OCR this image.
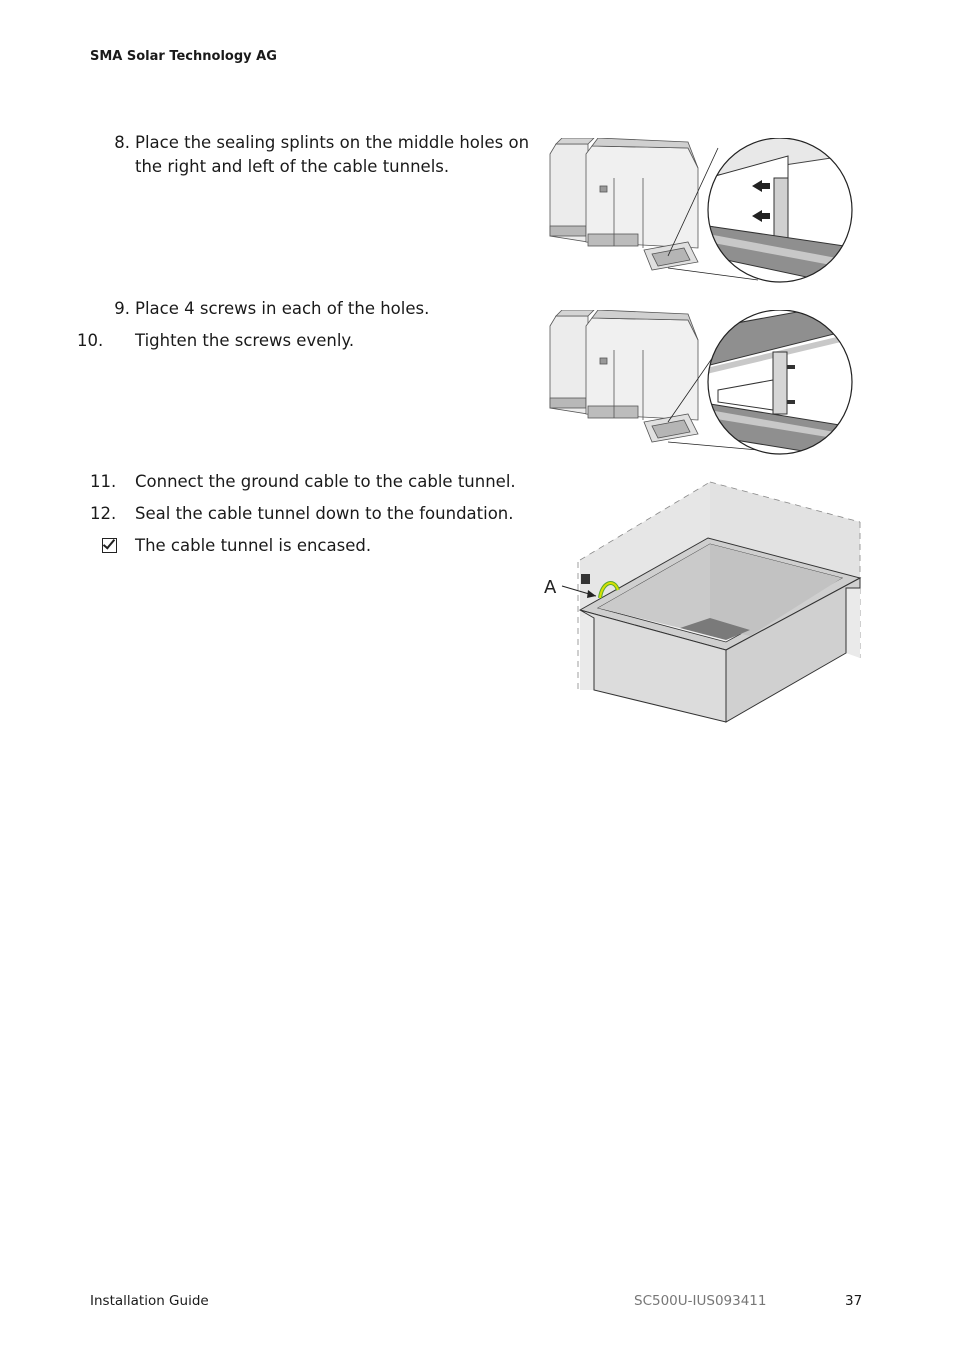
SMA Solar Technology AG
8. Place the sealing splints on the middle holes on the right and left of the cable tunnels.
9. Place 4 screws in each of the holes.
10.	Tighten the screws evenly.
11.	Connect the ground cable to the cable tunnel.
12.	Seal the cable tunnel down to the foundation.
The cable tunnel is encased.
A
Installation Guide	SC500U-IUS093411	37
